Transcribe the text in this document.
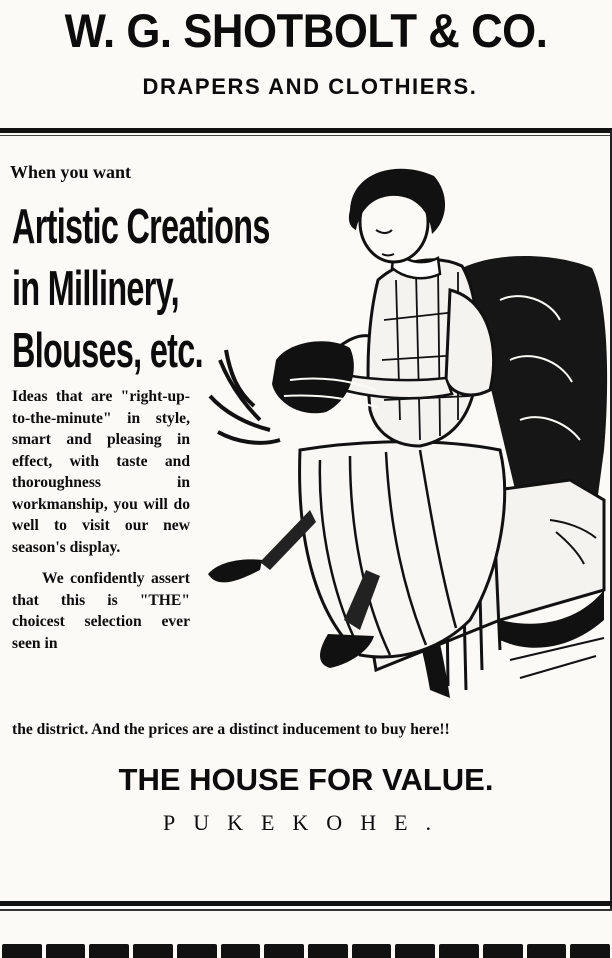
W. G. SHOTBOLT & CO.
DRAPERS AND CLOTHIERS.
When you want
Artistic Creations
in Millinery,
Blouses, etc.

Ideas that are "right-up-to-the-minute" in style, smart and pleasing in effect, with taste and thoroughness in workmanship, you will do well to visit our new season's display.

We confidently assert that this is "THE" choicest selection ever seen in

the district. And the prices are a distinct inducement to buy here!!
THE HOUSE FOR VALUE.
PUKEKOHE.
